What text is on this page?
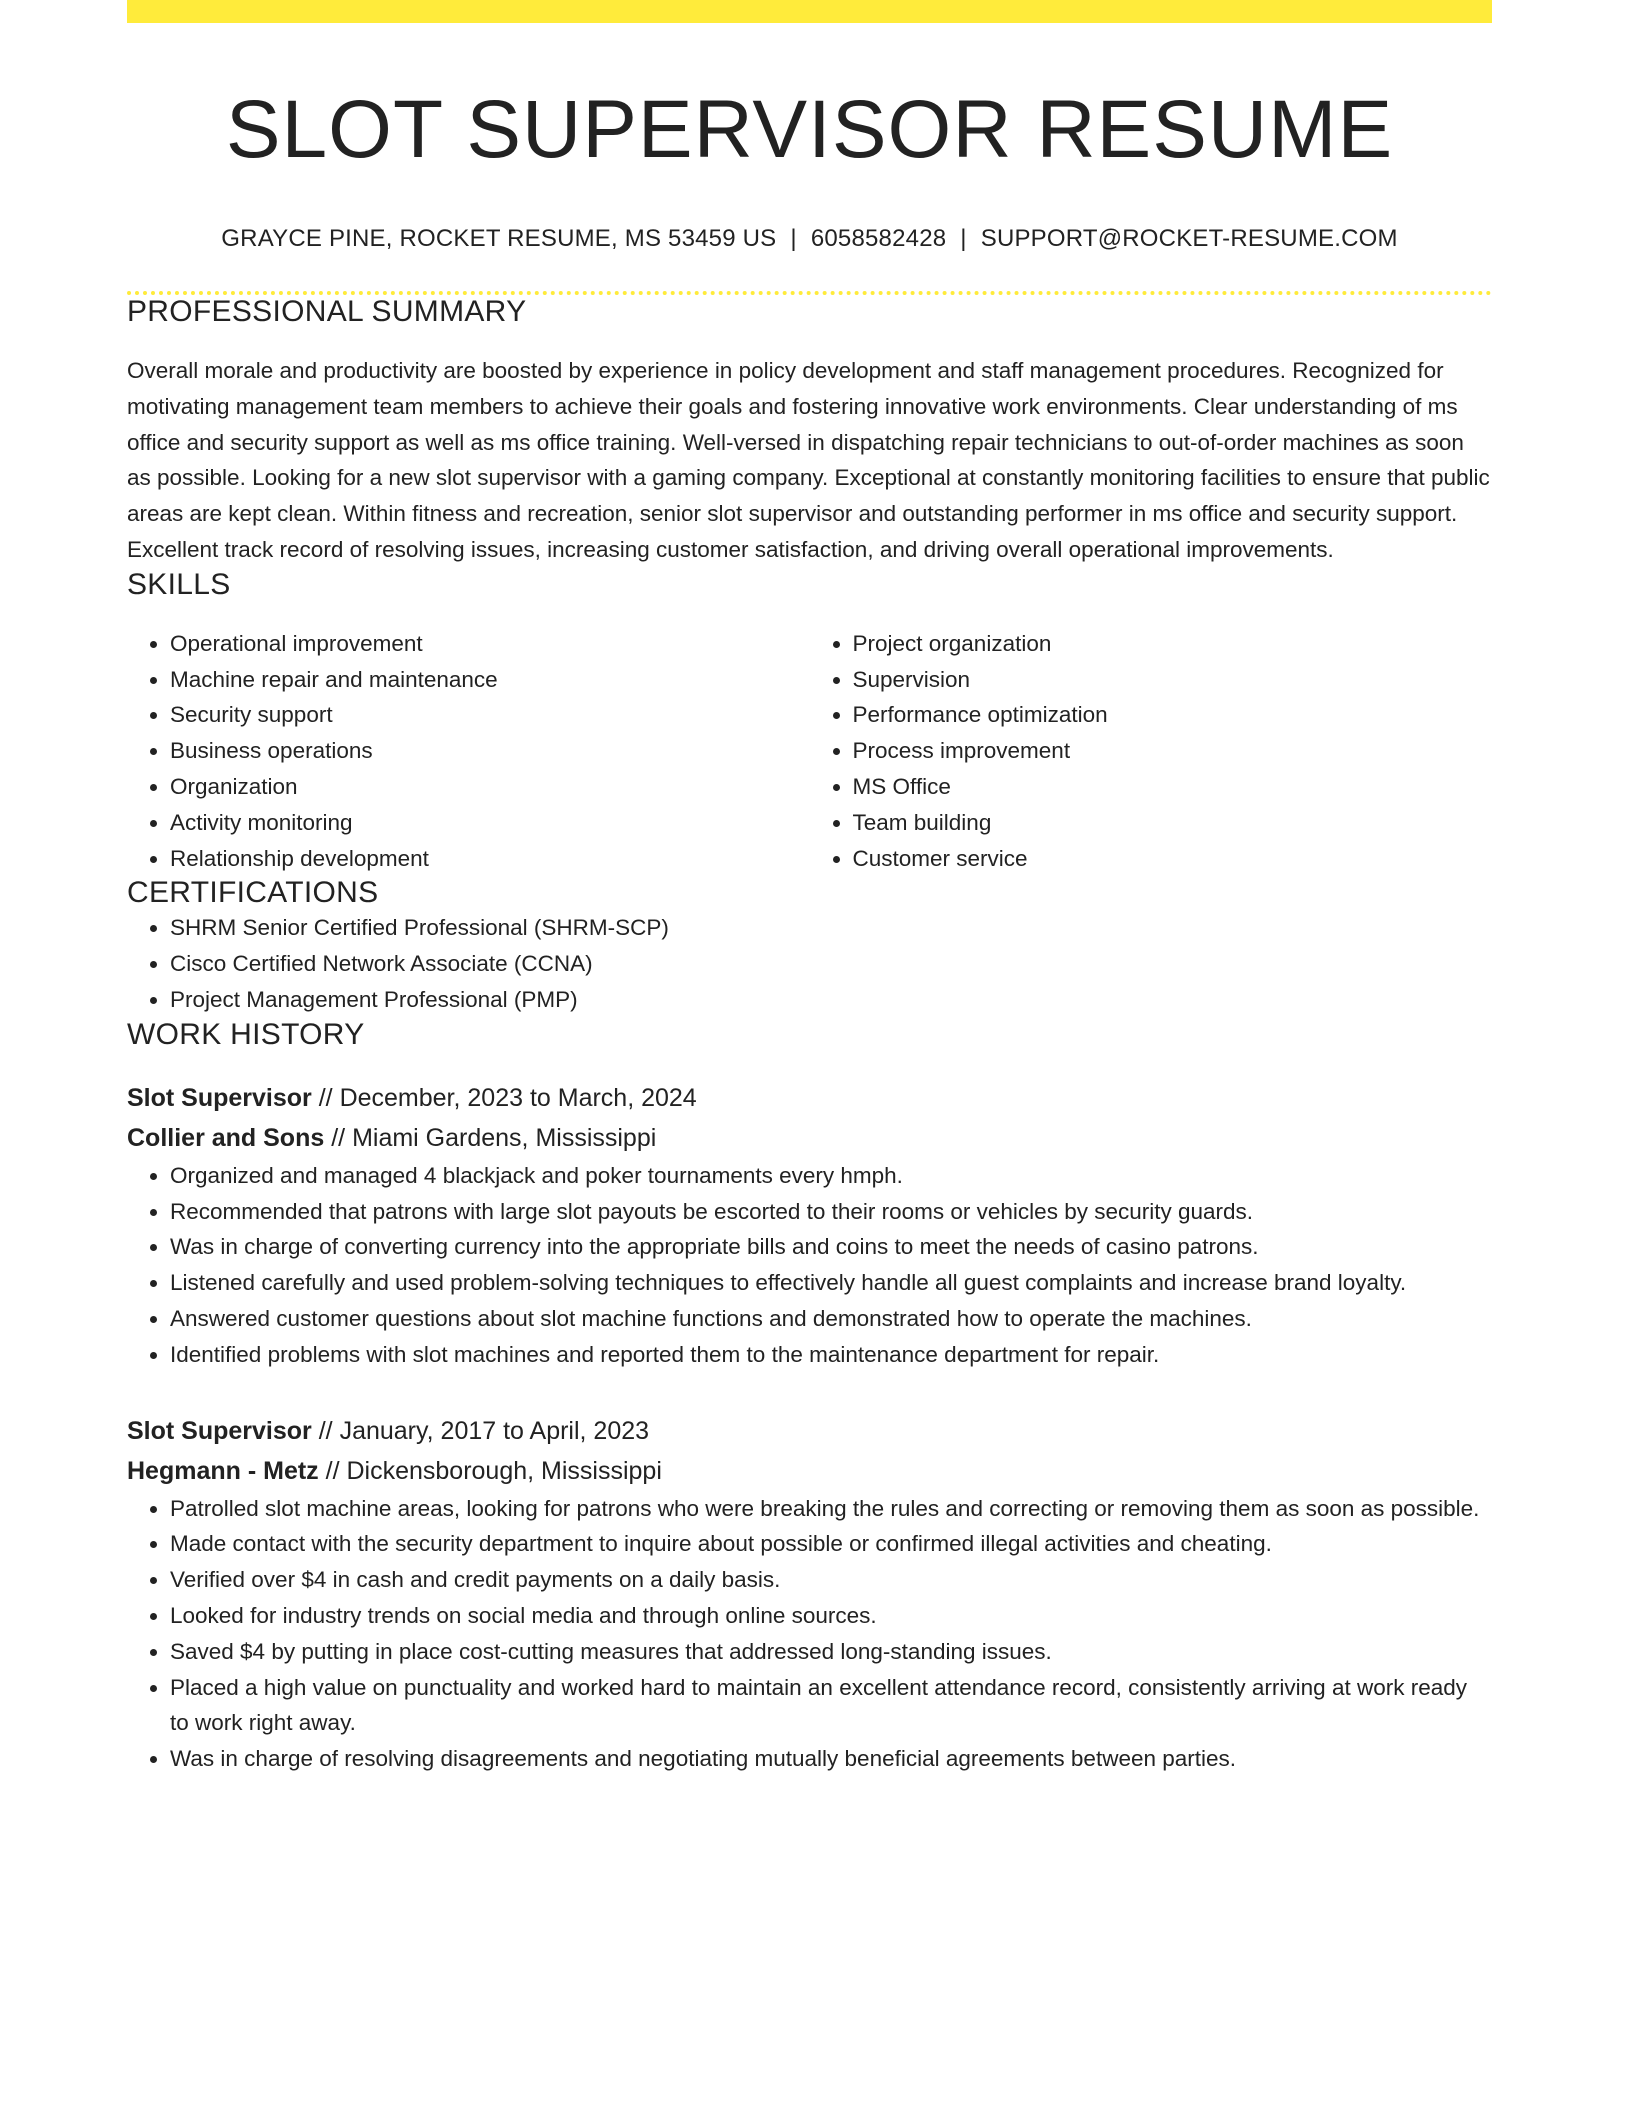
SLOT SUPERVISOR RESUME
GRAYCE PINE, ROCKET RESUME, MS 53459 US | 6058582428 | SUPPORT@ROCKET-RESUME.COM
PROFESSIONAL SUMMARY

Overall morale and productivity are boosted by experience in policy development and staff management procedures. Recognized for motivating management team members to achieve their goals and fostering innovative work environments. Clear understanding of ms office and security support as well as ms office training. Well-versed in dispatching repair technicians to out-of-order machines as soon as possible. Looking for a new slot supervisor with a gaming company. Exceptional at constantly monitoring facilities to ensure that public areas are kept clean. Within fitness and recreation, senior slot supervisor and outstanding performer in ms office and security support. Excellent track record of resolving issues, increasing customer satisfaction, and driving overall operational improvements.

SKILLS
• Operational improvement
• Machine repair and maintenance
• Security support
• Business operations
• Organization
• Activity monitoring
• Relationship development
• Project organization
• Supervision
• Performance optimization
• Process improvement
• MS Office
• Team building
• Customer service
CERTIFICATIONS
• SHRM Senior Certified Professional (SHRM-SCP)
• Cisco Certified Network Associate (CCNA)
• Project Management Professional (PMP)
WORK HISTORY
Slot Supervisor // December, 2023 to March, 2024
Collier and Sons // Miami Gardens, Mississippi
• Organized and managed 4 blackjack and poker tournaments every hmph.
• Recommended that patrons with large slot payouts be escorted to their rooms or vehicles by security guards.
• Was in charge of converting currency into the appropriate bills and coins to meet the needs of casino patrons.
• Listened carefully and used problem-solving techniques to effectively handle all guest complaints and increase brand loyalty.
• Answered customer questions about slot machine functions and demonstrated how to operate the machines.
• Identified problems with slot machines and reported them to the maintenance department for repair.
Slot Supervisor // January, 2017 to April, 2023
Hegmann - Metz // Dickensborough, Mississippi
• Patrolled slot machine areas, looking for patrons who were breaking the rules and correcting or removing them as soon as possible.
• Made contact with the security department to inquire about possible or confirmed illegal activities and cheating.
• Verified over $4 in cash and credit payments on a daily basis.
• Looked for industry trends on social media and through online sources.
• Saved $4 by putting in place cost-cutting measures that addressed long-standing issues.
• Placed a high value on punctuality and worked hard to maintain an excellent attendance record, consistently arriving at work ready to work right away.
• Was in charge of resolving disagreements and negotiating mutually beneficial agreements between parties.
